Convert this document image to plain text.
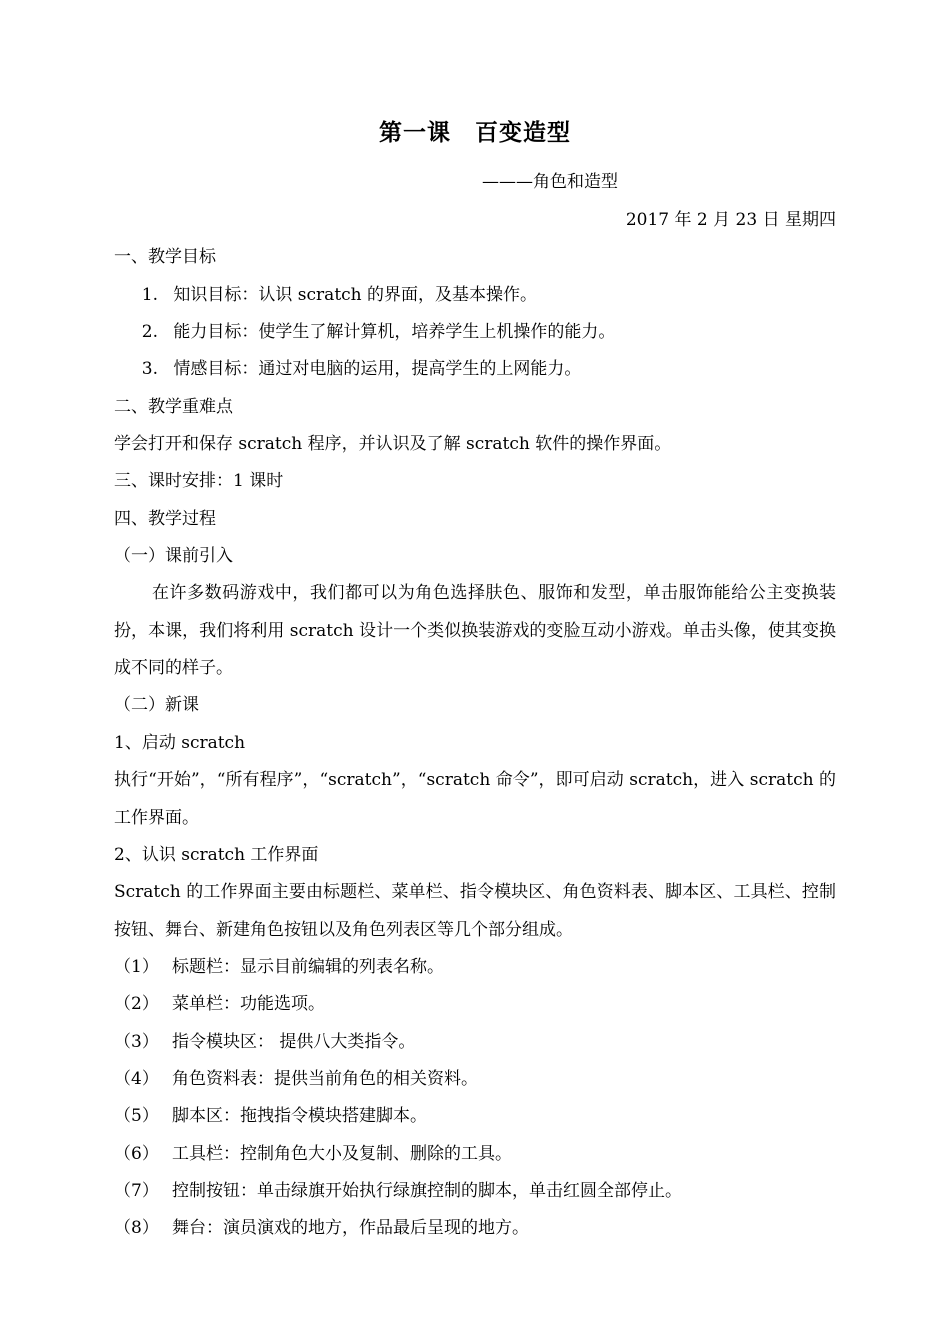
第一课　百变造型
———角色和造型
2017 年 2 月 23 日 星期四
一、教学目标
1. 知识目标：认识 scratch 的界面，及基本操作。
2. 能力目标：使学生了解计算机，培养学生上机操作的能力。
3. 情感目标：通过对电脑的运用，提高学生的上网能力。
二、教学重难点
学会打开和保存 scratch 程序，并认识及了解 scratch 软件的操作界面。
三、课时安排：1 课时
四、教学过程
（一）课前引入
在许多数码游戏中，我们都可以为角色选择肤色、服饰和发型，单击服饰能给公主变换装扮，本课，我们将利用 scratch 设计一个类似换装游戏的变脸互动小游戏。单击头像，使其变换成不同的样子。
（二）新课
1、启动 scratch
执行“开始”，“所有程序”，“scratch”，“scratch 命令”，即可启动 scratch，进入 scratch 的工作界面。
2、认识 scratch 工作界面
Scratch 的工作界面主要由标题栏、菜单栏、指令模块区、角色资料表、脚本区、工具栏、控制按钮、舞台、新建角色按钮以及角色列表区等几个部分组成。
（1） 标题栏：显示目前编辑的列表名称。
（2） 菜单栏：功能选项。
（3） 指令模块区： 提供八大类指令。
（4） 角色资料表：提供当前角色的相关资料。
（5） 脚本区：拖拽指令模块搭建脚本。
（6） 工具栏：控制角色大小及复制、删除的工具。
（7） 控制按钮：单击绿旗开始执行绿旗控制的脚本，单击红圆全部停止。
（8） 舞台：演员演戏的地方，作品最后呈现的地方。
